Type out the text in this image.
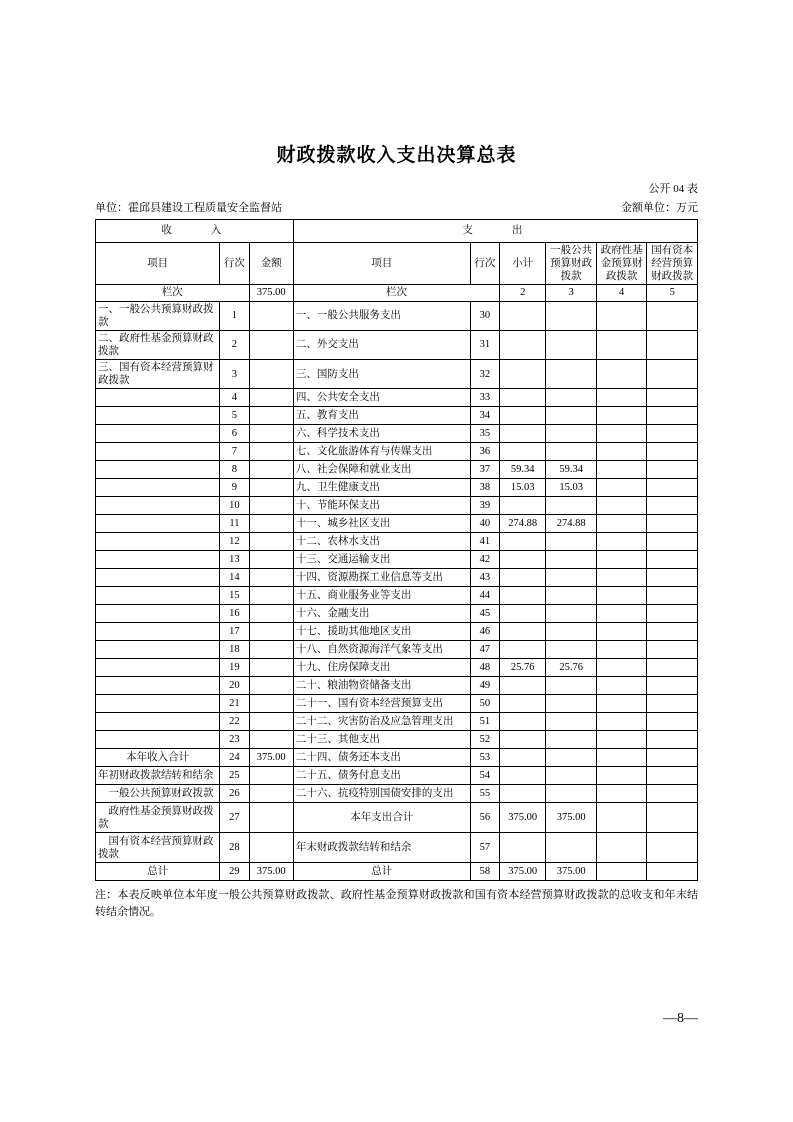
财政拨款收入支出决算总表
单位：霍邱县建设工程质量安全监督站
公开 04 表
金额单位：万元
收　　入			支　　出					
项目	行次	金额	项目	行次	小计	一般公共预算财政拨款	政府性基金预算财政拨款	国有资本经营预算财政拨款

栏次		375.00	栏次		2	3	4	5
一、一般公共预算财政拨款	1		一、一般公共服务支出	30				
二、政府性基金预算财政拨款	2		二、外交支出	31				
三、国有资本经营预算财政拨款	3		三、国防支出	32				
	4		四、公共安全支出	33				
	5		五、教育支出	34				
	6		六、科学技术支出	35				
	7		七、文化旅游体育与传媒支出	36				
	8		八、社会保障和就业支出	37	59.34	59.34		
	9		九、卫生健康支出	38	15.03	15.03		
	10		十、节能环保支出	39				
	11		十一、城乡社区支出	40	274.88	274.88		
	12		十二、农林水支出	41				
	13		十三、交通运输支出	42				
	14		十四、资源勘探工业信息等支出	43				
	15		十五、商业服务业等支出	44				
	16		十六、金融支出	45				
	17		十七、援助其他地区支出	46				
	18		十八、自然资源海洋气象等支出	47				
	19		十九、住房保障支出	48	25.76	25.76		
	20		二十、粮油物资储备支出	49				
	21		二十一、国有资本经营预算支出	50				
	22		二十二、灾害防治及应急管理支出	51				
	23		二十三、其他支出	52				
本年收入合计	24	375.00	二十四、债务还本支出	53				
年初财政拨款结转和结余	25		二十五、债务付息支出	54				
　一般公共预算财政拨款	26		二十六、抗疫特别国债安排的支出	55				
　政府性基金预算财政拨款	27		本年支出合计	56	375.00	375.00		
　国有资本经营预算财政拨款	28		年末财政拨款结转和结余	57				
总计	29	375.00	总计	58	375.00	375.00		
注：本表反映单位本年度一般公共预算财政拨款、政府性基金预算财政拨款和国有资本经营预算财政拨款的总收支和年末结转结余情况。
—8—
